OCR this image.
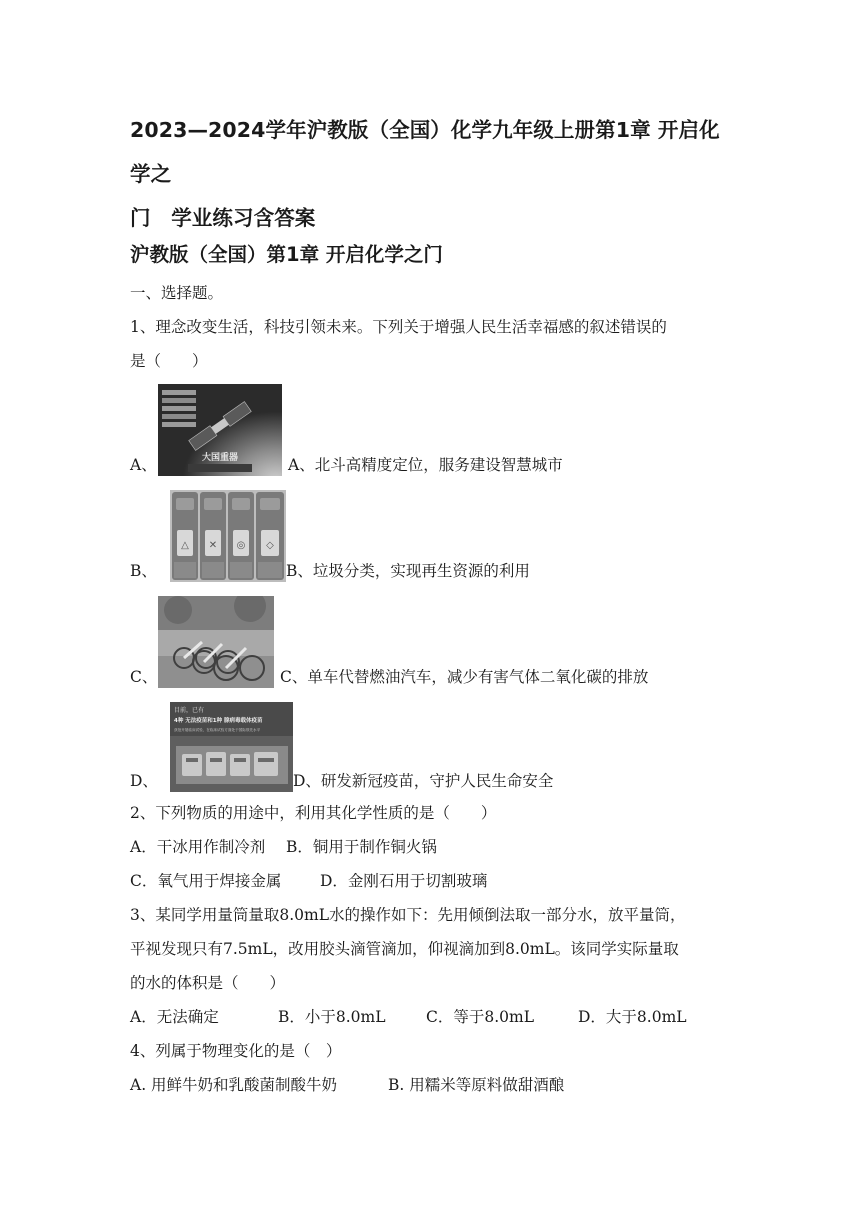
2023—2024学年沪教版（全国）化学九年级上册第1章 开启化学之

门　学业练习含答案

沪教版（全国）第1章 开启化学之门

一、选择题。

1、理念改变生活，科技引领未来。下列关于增强人民生活幸福感的叙述错误的

是（　　）

A、	大国重器	A、北斗高精度定位，服务建设智慧城市
B、
△ ✕ ◎ ◇
B、垃圾分类，实现再生资源的利用
C、	C、单车代替燃油汽车，减少有害气体二氧化碳的排放
D、
目前，已有
4种 无法疫苗和1种 腺病毒载体疫苗
获批开展临床试验，在临床试验方面处于国际领先水平
D、研发新冠疫苗，守护人民生命安全

2、下列物质的用途中，利用其化学性质的是（　　）

A．干冰用作制冷剂	B．铜用于制作铜火锅
C．氧气用于焊接金属	D．金刚石用于切割玻璃

3、某同学用量筒量取8.0mL水的操作如下：先用倾倒法取一部分水，放平量筒，

平视发现只有7.5mL，改用胶头滴管滴加，仰视滴加到8.0mL。该同学实际量取

的水的体积是（　　）

A．无法确定	B．小于8.0mL	C．等于8.0mL	D．大于8.0mL

4、列属于物理变化的是（　）

A. 用鲜牛奶和乳酸菌制酸牛奶	B. 用糯米等原料做甜酒酿
